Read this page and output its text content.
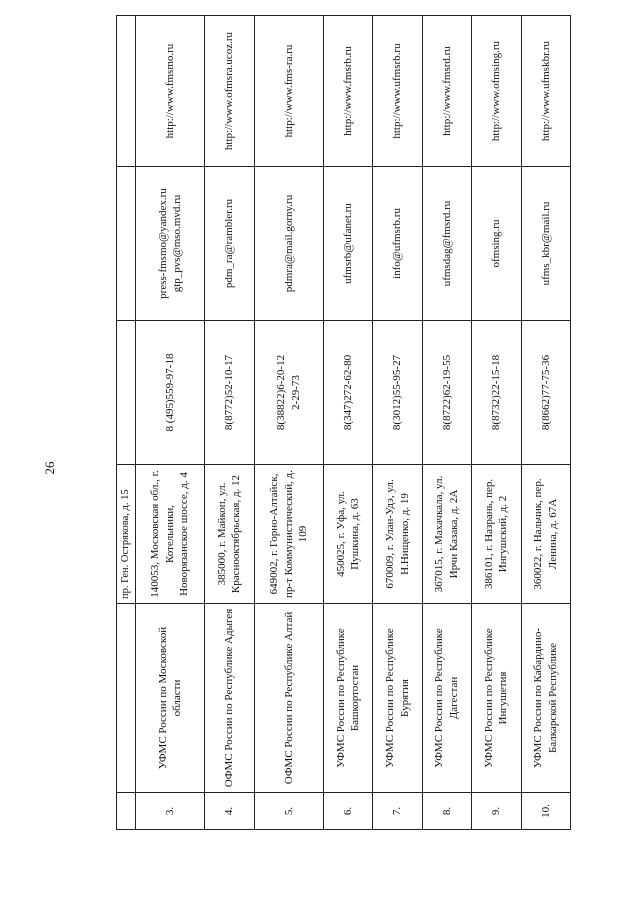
26
		пр. Ген. Острякова, д. 15			
3.	УФМС России по Московской области	140053, Московская обл., г. Котельники, Новорязанское шоссе, д. 4	8 (495)559-97-18	press-fmsmo@yandex.ru gtp_pvs@mso.mvd.ru	http://www.fmsmo.ru
4.	ОФМС России по Республике Адыгея	385000, г. Майкоп, ул. Краснооктябрьская, д. 12	8(8772)52-10-17	pdm_ra@rambler.ru	http://www.ofmsra.ucoz.ru
5.	ОФМС России по Республике Алтай	649002, г. Горно-Алтайск, пр-т Коммунистический, д. 109	8(38822)6-20-12 2-29-73	pdmra@mail.gorny.ru	http://www.fms-ra.ru
6.	УФМС России по Республике Башкортостан	450025, г. Уфа, ул. Пушкина, д. 63	8(347)272-62-80	ufmsrb@ufanet.ru	http://www.fmsrb.ru
7.	УФМС России по Республике Бурятия	670009, г. Улан-Удэ, ул. Н.Нищенко, д. 19	8(3012)55-95-27	info@ufmsrb.ru	http://www.ufmsrb.ru
8.	УФМС России по Республике Дагестан	367015, г. Махачкала, ул. Ирчи Казака, д. 2А	8(8722)62-19-55	ufmsdag@fmsrd.ru	http://www.fmsrd.ru
9.	УФМС России по Республике Ингушетия	386101, г. Назрань, пер. Ингушский, д. 2	8(8732)22-15-18	ofmsing.ru	http://www.ofmsing.ru
10.	УФМС России по Кабардино-Балкарской Республике	360022, г. Нальчик, пер. Ленина, д. 67А	8(8662)77-75-36	ufms_kbr@mail.ru	http://www.ufmskbr.ru
